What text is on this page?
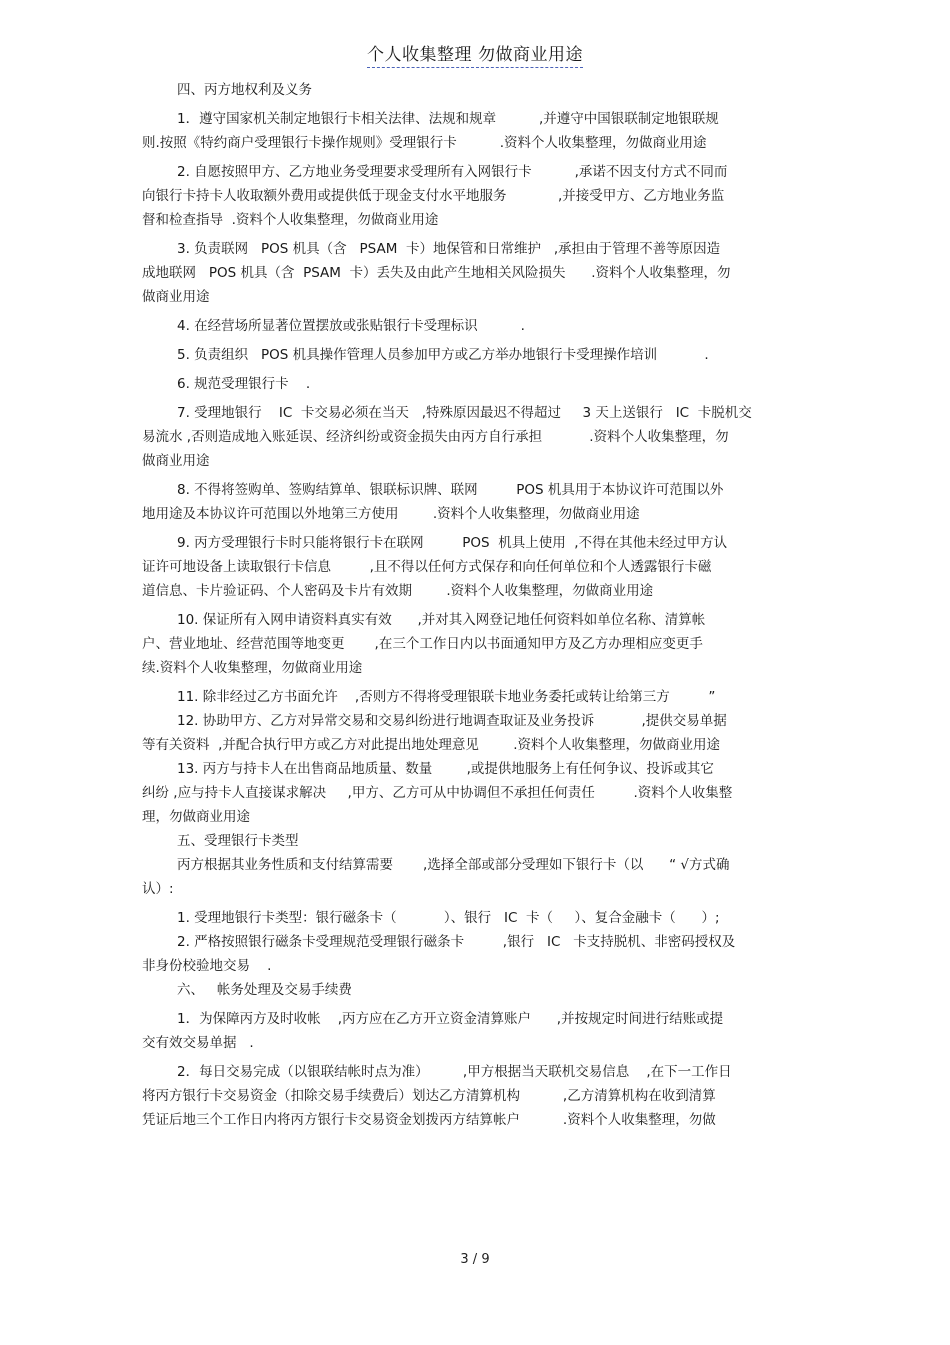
个人收集整理 勿做商业用途
四、丙方地权利及义务
1．遵守国家机关制定地银行卡相关法律、法规和规章          ,并遵守中国银联制定地银联规
则.按照《特约商户受理银行卡操作规则》受理银行卡          .资料个人收集整理，勿做商业用途
2. 自愿按照甲方、乙方地业务受理要求受理所有入网银行卡          ,承诺不因支付方式不同而
向银行卡持卡人收取额外费用或提供低于现金支付水平地服务            ,并接受甲方、乙方地业务监
督和检查指导  .资料个人收集整理，勿做商业用途
3. 负责联网   POS 机具（含   PSAM  卡）地保管和日常维护   ,承担由于管理不善等原因造
成地联网   POS 机具（含  PSAM  卡）丢失及由此产生地相关风险损失      .资料个人收集整理，勿
做商业用途
4. 在经营场所显著位置摆放或张贴银行卡受理标识          .
5. 负责组织   POS 机具操作管理人员参加甲方或乙方举办地银行卡受理操作培训           .
6. 规范受理银行卡    .
7. 受理地银行    IC  卡交易必须在当天   ,特殊原因最迟不得超过     3 天上送银行   IC  卡脱机交
易流水 ,否则造成地入账延误、经济纠纷或资金损失由丙方自行承担           .资料个人收集整理，勿
做商业用途
8. 不得将签购单、签购结算单、银联标识牌、联网         POS 机具用于本协议许可范围以外
地用途及本协议许可范围以外地第三方使用        .资料个人收集整理，勿做商业用途
9. 丙方受理银行卡时只能将银行卡在联网         POS  机具上使用  ,不得在其他未经过甲方认
证许可地设备上读取银行卡信息         ,且不得以任何方式保存和向任何单位和个人透露银行卡磁
道信息、卡片验证码、个人密码及卡片有效期        .资料个人收集整理，勿做商业用途
10. 保证所有入网申请资料真实有效      ,并对其入网登记地任何资料如单位名称、清算帐
户、营业地址、经营范围等地变更       ,在三个工作日内以书面通知甲方及乙方办理相应变更手
续.资料个人收集整理，勿做商业用途
11. 除非经过乙方书面允许    ,否则方不得将受理银联卡地业务委托或转让给第三方         ”
12. 协助甲方、乙方对异常交易和交易纠纷进行地调查取证及业务投诉           ,提供交易单据
等有关资料  ,并配合执行甲方或乙方对此提出地处理意见        .资料个人收集整理，勿做商业用途
13. 丙方与持卡人在出售商品地质量、数量        ,或提供地服务上有任何争议、投诉或其它
纠纷 ,应与持卡人直接谋求解决     ,甲方、乙方可从中协调但不承担任何责任         .资料个人收集整
理，勿做商业用途
五、受理银行卡类型
丙方根据其业务性质和支付结算需要       ,选择全部或部分受理如下银行卡（以      “ √方式确
认）:
1. 受理地银行卡类型：银行磁条卡（           ）、银行   IC  卡（     ）、复合金融卡（      ）;
2. 严格按照银行磁条卡受理规范受理银行磁条卡         ,银行   IC   卡支持脱机、非密码授权及
非身份校验地交易    .
六、   帐务处理及交易手续费
1．为保障丙方及时收帐    ,丙方应在乙方开立资金清算账户      ,并按规定时间进行结账或提
交有效交易单据   .
2．每日交易完成（以银联结帐时点为准）        ,甲方根据当天联机交易信息    ,在下一工作日
将丙方银行卡交易资金（扣除交易手续费后）划达乙方清算机构          ,乙方清算机构在收到清算
凭证后地三个工作日内将丙方银行卡交易资金划拨丙方结算帐户          .资料个人收集整理，勿做
3 / 9
